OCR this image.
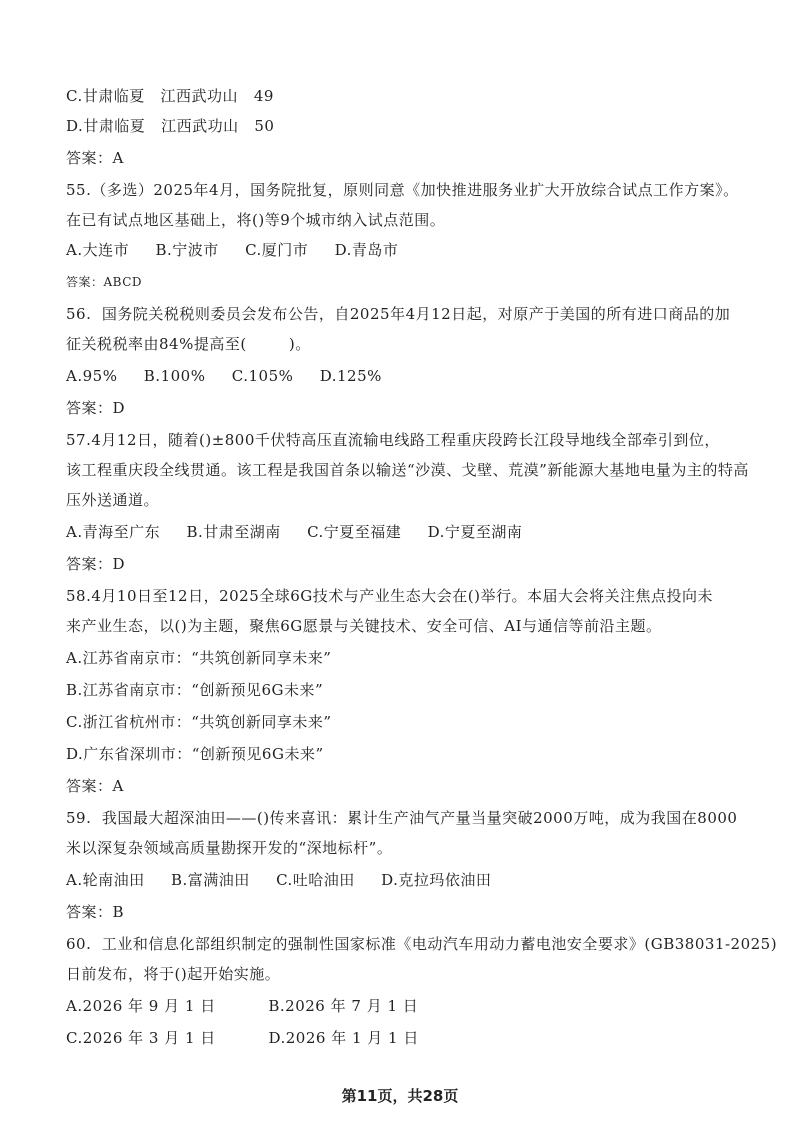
C.甘肃临夏   江西武功山   49
D.甘肃临夏   江西武功山   50
答案：A
55.（多选）2025年4月，国务院批复，原则同意《加快推进服务业扩大开放综合试点工作方案》。
在已有试点地区基础上，将()等9个城市纳入试点范围。
A.大连市     B.宁波市     C.厦门市     D.青岛市
答案：ABCD
56.  国务院关税税则委员会发布公告，自2025年4月12日起，对原产于美国的所有进口商品的加
征关税税率由84%提高至(        )。
A.95%     B.100%     C.105%     D.125%
答案：D
57.4月12日，随着()±800千伏特高压直流输电线路工程重庆段跨长江段导地线全部牵引到位，
该工程重庆段全线贯通。该工程是我国首条以输送“沙漠、戈壁、荒漠”新能源大基地电量为主的特高
压外送通道。
A.青海至广东     B.甘肃至湖南     C.宁夏至福建     D.宁夏至湖南
答案：D
58.4月10日至12日，2025全球6G技术与产业生态大会在()举行。本届大会将关注焦点投向未
来产业生态，以()为主题，聚焦6G愿景与关键技术、安全可信、AI与通信等前沿主题。
A.江苏省南京市：“共筑创新同享未来”
B.江苏省南京市：“创新预见6G未来”
C.浙江省杭州市：“共筑创新同享未来”
D.广东省深圳市：“创新预见6G未来”
答案：A
59.  我国最大超深油田——()传来喜讯：累计生产油气产量当量突破2000万吨，成为我国在8000
米以深复杂领域高质量勘探开发的“深地标杆”。
A.轮南油田     B.富满油田     C.吐哈油田     D.克拉玛依油田
答案：B
60.  工业和信息化部组织制定的强制性国家标准《电动汽车用动力蓄电池安全要求》(GB38031-2025)
日前发布，将于()起开始实施。
A.2026 年 9 月 1 日          B.2026 年 7 月 1 日
C.2026 年 3 月 1 日          D.2026 年 1 月 1 日
第11页，共28页
